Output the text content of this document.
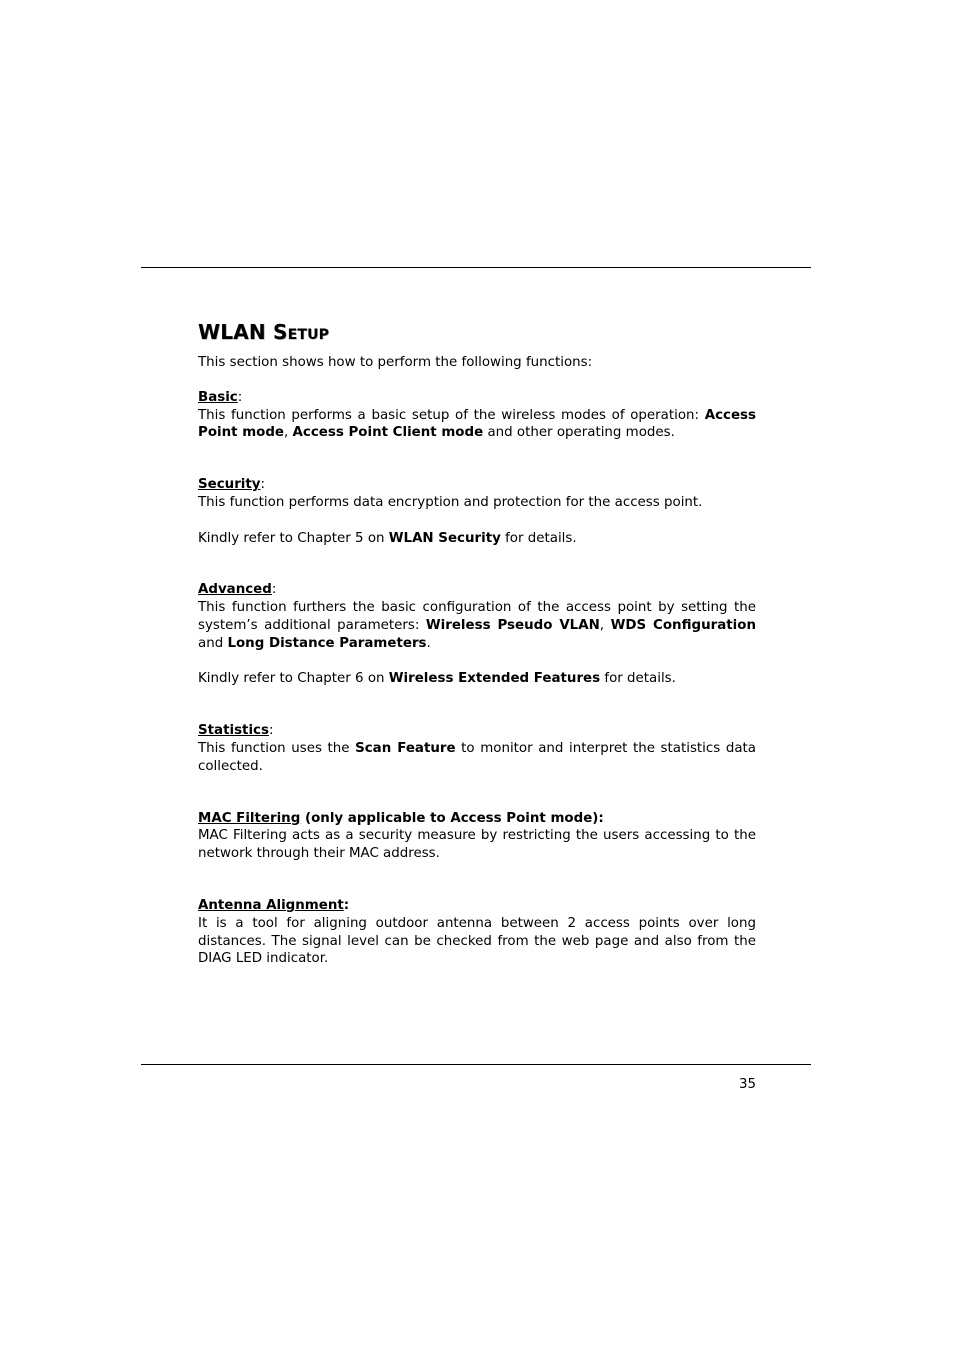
WLAN Setup

This section shows how to perform the following functions:

Basic:

This function performs a basic setup of the wireless modes of operation: Access Point mode, Access Point Client mode and other operating modes.

Security:

This function performs data encryption and protection for the access point.

Kindly refer to Chapter 5 on WLAN Security for details.

Advanced:

This function furthers the basic configuration of the access point by setting the system’s additional parameters: Wireless Pseudo VLAN, WDS Configuration and Long Distance Parameters.

Kindly refer to Chapter 6 on Wireless Extended Features for details.

Statistics:

This function uses the Scan Feature to monitor and interpret the statistics data collected.

MAC Filtering (only applicable to Access Point mode):

MAC Filtering acts as a security measure by restricting the users accessing to the network through their MAC address.

Antenna Alignment:

It is a tool for aligning outdoor antenna between 2 access points over long distances. The signal level can be checked from the web page and also from the DIAG LED indicator.

35
